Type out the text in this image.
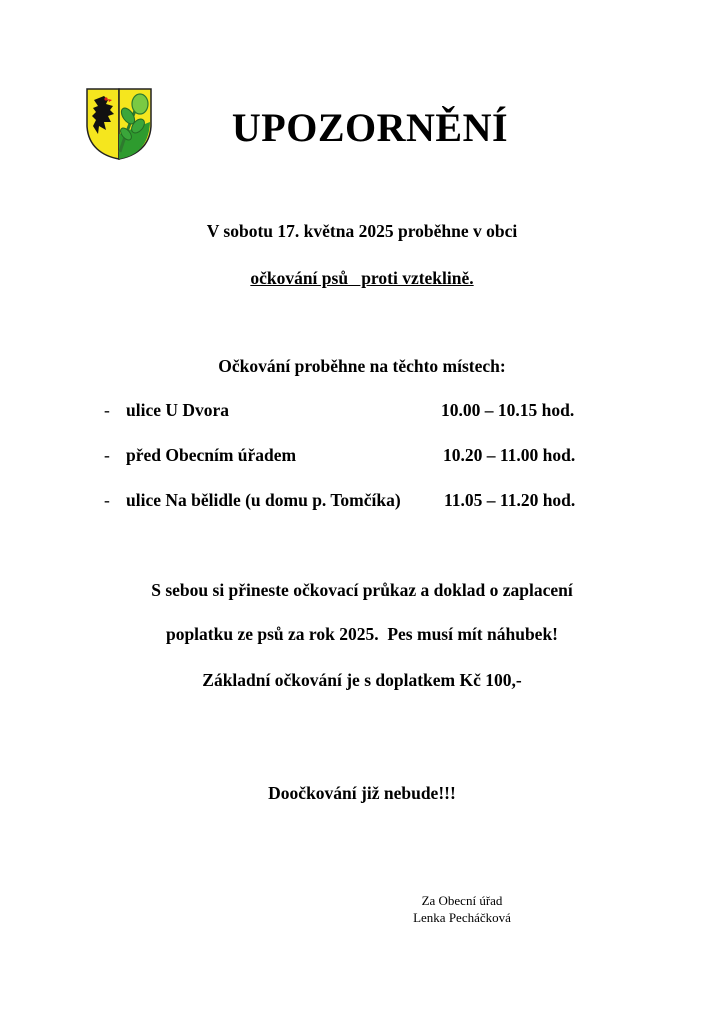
UPOZORNĚNÍ
V sobotu 17. května 2025 proběhne v obci
očkování psů   proti vzteklině.
Očkování proběhne na těchto místech:
- ulice U Dvora	10.00 – 10.15 hod.
- před Obecním úřadem	10.20 – 11.00 hod.
- ulice Na bělidle (u domu p. Tomčíka) 11.05 – 11.20 hod.
S sebou si přineste očkovací průkaz a doklad o zaplacení
poplatku ze psů za rok 2025.  Pes musí mít náhubek!
Základní očkování je s doplatkem Kč 100,-
Doočkování již nebude!!!
Za Obecní úřad
Lenka Pecháčková
